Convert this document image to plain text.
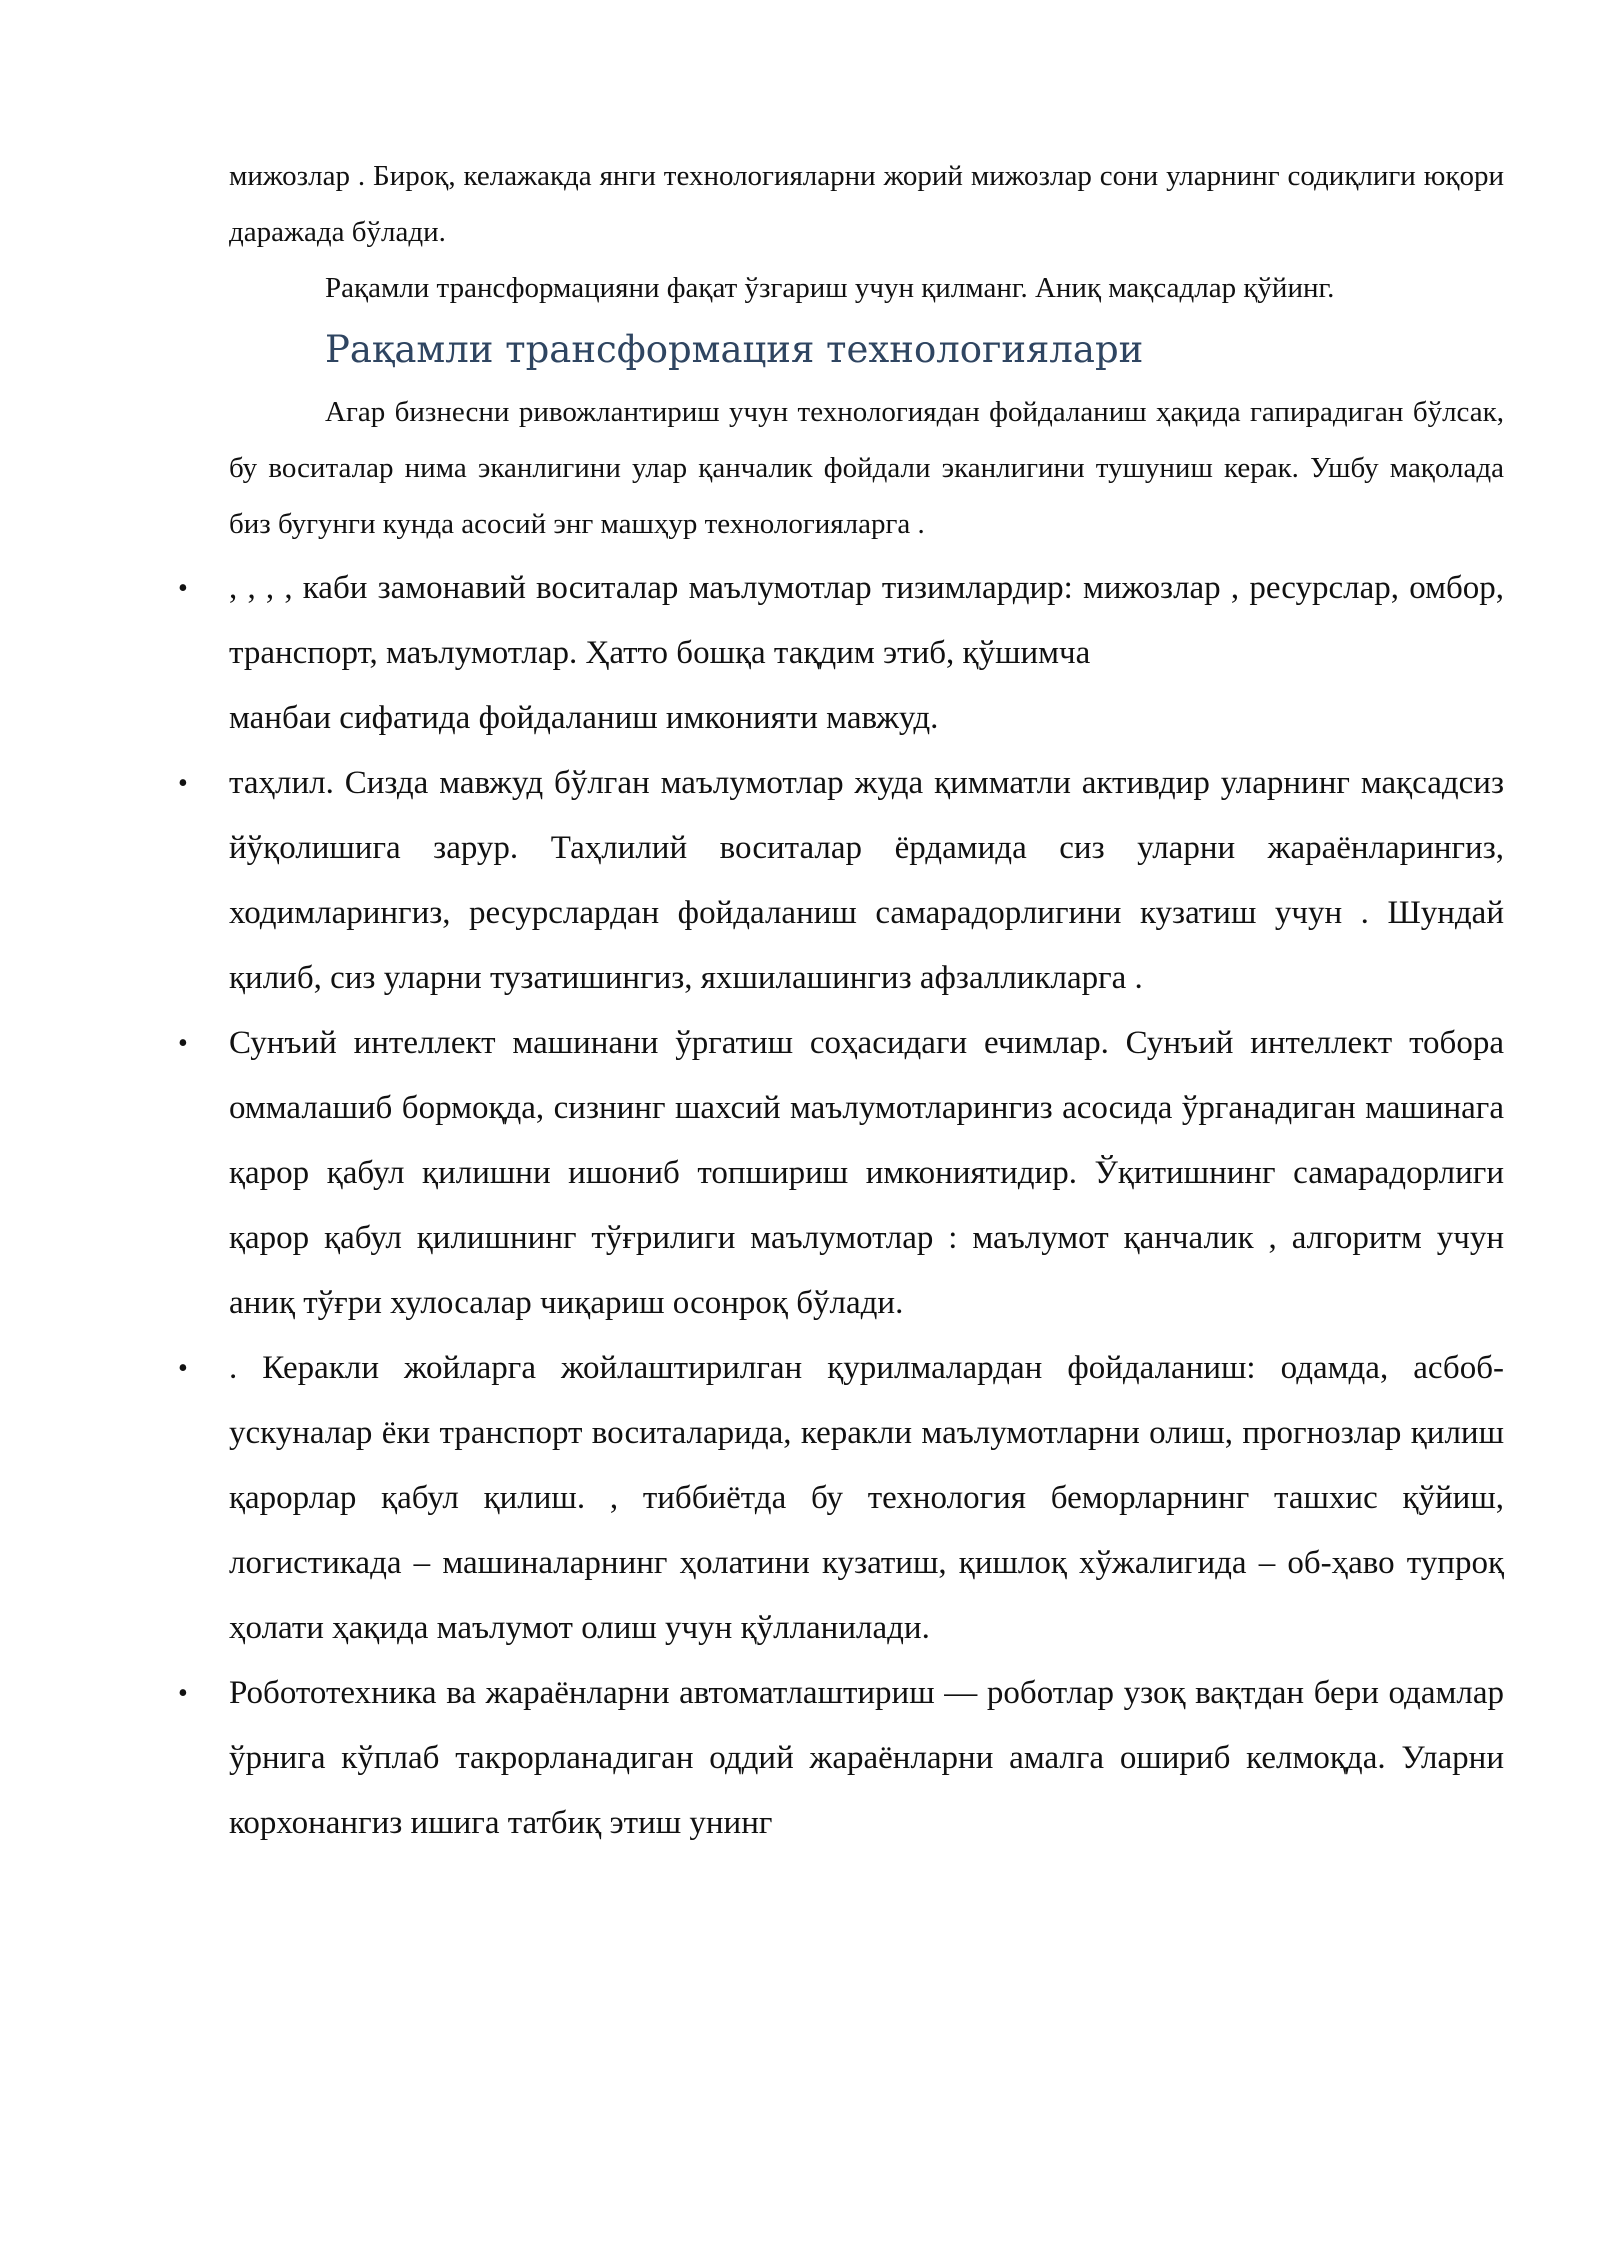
мижозлар . Бироқ, келажакда янги технологияларни жорий мижозлар сони уларнинг содиқлиги юқори даражада бўлади.

Рақамли трансформацияни фақат ўзгариш учун қилманг. Аниқ мақсадлар қўйинг.

Рақамли трансформация технологиялари

Агар бизнесни ривожлантириш учун технологиядан фойдаланиш ҳақида гапирадиган бўлсак, бу воситалар нима эканлигини улар қанчалик фойдали эканлигини тушуниш керак. Ушбу мақолада биз бугунги кунда асосий энг машҳур технологияларга .

• , , , , каби замонавий воситалар маълумотлар тизимлардир: мижозлар , ресурслар, омбор, транспорт, маълумотлар. Ҳатто бошқа тақдим этиб, қўшимча
манбаи сифатида фойдаланиш имконияти мавжуд.
• таҳлил. Сизда мавжуд бўлган маълумотлар жуда қимматли активдир уларнинг мақсадсиз йўқолишига зарур. Таҳлилий воситалар ёрдамида сиз уларни жараёнларингиз, ходимларингиз, ресурслардан фойдаланиш самарадорлигини кузатиш учун . Шундай қилиб, сиз уларни тузатишингиз, яхшилашингиз афзалликларга .
• Сунъий интеллект машинани ўргатиш соҳасидаги ечимлар. Сунъий интеллект тобора оммалашиб бормоқда, сизнинг шахсий маълумотларингиз асосида ўрганадиган машинага қарор қабул қилишни ишониб топшириш имкониятидир. Ўқитишнинг самарадорлиги қарор қабул қилишнинг тўғрилиги маълумотлар : маълумот қанчалик , алгоритм учун аниқ тўғри хулосалар чиқариш осонроқ бўлади.
• . Керакли жойларга жойлаштирилган қурилмалардан фойдаланиш: одамда, асбоб-ускуналар ёки транспорт воситаларида, керакли маълумотларни олиш, прогнозлар қилиш қарорлар қабул қилиш. , тиббиётда бу технология беморларнинг ташхис қўйиш, логистикада – машиналарнинг ҳолатини кузатиш, қишлоқ хўжалигида – об-ҳаво тупроқ ҳолати ҳақида маълумот олиш учун қўлланилади.
• Робототехника ва жараёнларни автоматлаштириш — роботлар узоқ вақтдан бери одамлар ўрнига кўплаб такрорланадиган оддий жараёнларни амалга ошириб келмоқда. Уларни корхонангиз ишига татбиқ этиш унинг
